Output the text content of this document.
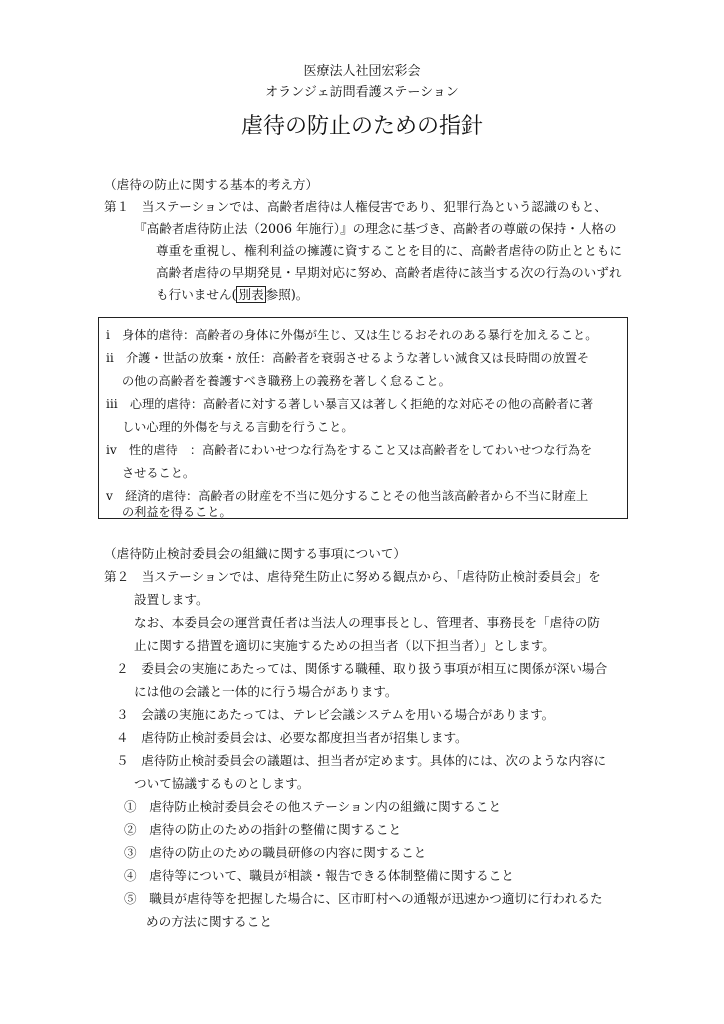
医療法人社団宏彩会
オランジェ訪問看護ステーション
虐待の防止のための指針
（虐待の防止に関する基本的考え方）
第１　当ステーションでは、高齢者虐待は人権侵害であり、犯罪行為という認識のもと、
『高齢者虐待防止法（2006 年施行）』の理念に基づき、高齢者の尊厳の保持・人格の
尊重を重視し、権利利益の擁護に資することを目的に、高齢者虐待の防止とともに
高齢者虐待の早期発見・早期対応に努め、高齢者虐待に該当する次の行為のいずれ
も行いません( 別表 参照)。
ⅰ　身体的虐待：高齢者の身体に外傷が生じ、又は生じるおそれのある暴行を加えること。
ⅱ　介護・世話の放棄・放任：高齢者を衰弱させるような著しい減食又は長時間の放置そ
の他の高齢者を養護すべき職務上の義務を著しく怠ること。
ⅲ　心理的虐待：高齢者に対する著しい暴言又は著しく拒絶的な対応その他の高齢者に著
しい心理的外傷を与える言動を行うこと。
ⅳ　性的虐待　：高齢者にわいせつな行為をすること又は高齢者をしてわいせつな行為を
させること。
ⅴ　経済的虐待：高齢者の財産を不当に処分することその他当該高齢者から不当に財産上
の利益を得ること。
（虐待防止検討委員会の組織に関する事項について）
第２　当ステーションでは、虐待発生防止に努める観点から、「虐待防止検討委員会」を
設置します。
なお、本委員会の運営責任者は当法人の理事長とし、管理者、事務長を「虐待の防
止に関する措置を適切に実施するための担当者（以下担当者）」とします。
２　委員会の実施にあたっては、関係する職種、取り扱う事項が相互に関係が深い場合
には他の会議と一体的に行う場合があります。
３　会議の実施にあたっては、テレビ会議システムを用いる場合があります。
４　虐待防止検討委員会は、必要な都度担当者が招集します。
５　虐待防止検討委員会の議題は、担当者が定めます。具体的には、次のような内容に
ついて協議するものとします。
①　虐待防止検討委員会その他ステーション内の組織に関すること
②　虐待の防止のための指針の整備に関すること
③　虐待の防止のための職員研修の内容に関すること
④　虐待等について、職員が相談・報告できる体制整備に関すること
⑤　職員が虐待等を把握した場合に、区市町村への通報が迅速かつ適切に行われるた
めの方法に関すること
